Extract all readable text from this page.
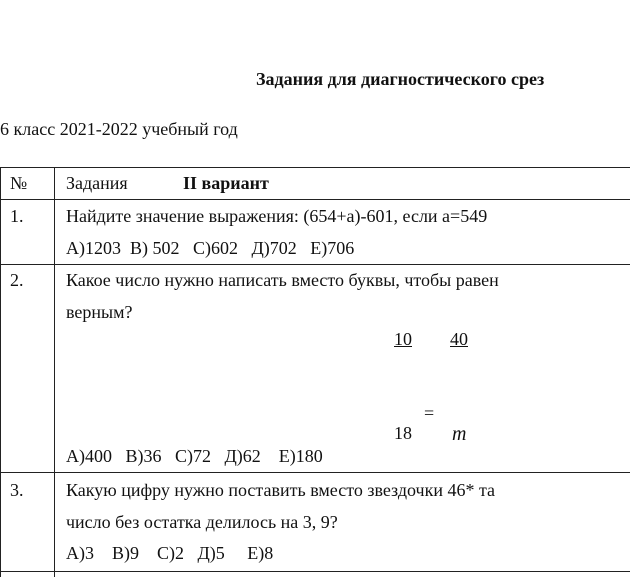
Задания для диагностического срез
6 класс 2021-2022 учебный год
№ Задания	II вариант
1. Найдите значение выражения: (654+а)-601, если а=549
А)1203  В) 502   С)602   Д)702   Е)706
2. Какое число нужно написать вместо буквы, чтобы равен
верным?
10 40
=
18 m
А)400   В)36   С)72   Д)62    Е)180
3. Какую цифру нужно поставить вместо звездочки 46* та
число без остатка делилось на 3, 9?
А)3    В)9    С)2   Д)5     Е)8
